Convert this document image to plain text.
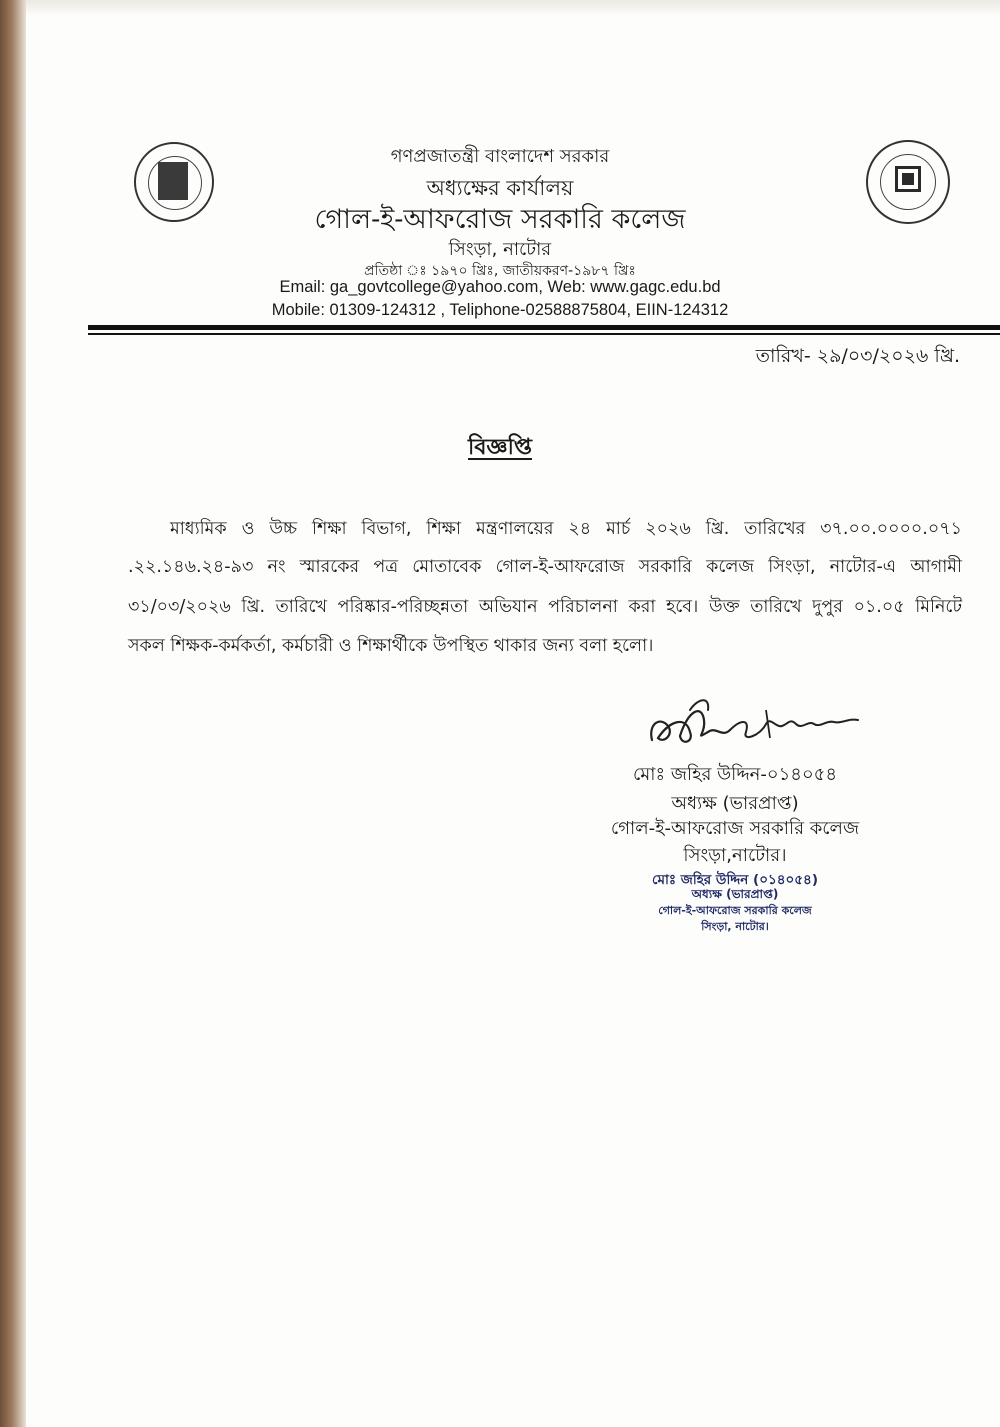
গণপ্রজাতন্ত্রী বাংলাদেশ সরকার
অধ্যক্ষের কার্যালয়
গোল-ই-আফরোজ সরকারি কলেজ
সিংড়া, নাটোর
প্রতিষ্ঠা ঃ ১৯৭০ খ্রিঃ, জাতীয়করণ-১৯৮৭ খ্রিঃ
Email: ga_govtcollege@yahoo.com, Web: www.gagc.edu.bd
Mobile: 01309-124312 , Teliphone-02588875804, EIIN-124312
তারিখ- ২৯/০৩/২০২৬ খ্রি.
বিজ্ঞপ্তি
মাধ্যমিক ও উচ্চ শিক্ষা বিভাগ, শিক্ষা মন্ত্রণালয়ের ২৪ মার্চ ২০২৬ খ্রি. তারিখের ৩৭.০০.০০০০.০৭১
.২২.১৪৬.২৪-৯৩ নং স্মারকের পত্র মোতাবেক গোল-ই-আফরোজ সরকারি কলেজ সিংড়া, নাটোর-এ আগামী
৩১/০৩/২০২৬ খ্রি. তারিখে পরিষ্কার-পরিচ্ছন্নতা অভিযান পরিচালনা করা হবে। উক্ত তারিখে দুপুর ০১.০৫ মিনিটে
সকল শিক্ষক-কর্মকর্তা, কর্মচারী ও শিক্ষার্থীকে উপস্থিত থাকার জন্য বলা হলো।
মোঃ জহির উদ্দিন-০১৪০৫৪
অধ্যক্ষ (ভারপ্রাপ্ত)
গোল-ই-আফরোজ সরকারি কলেজ
সিংড়া,নাটোর।
মোঃ জহির উদ্দিন (০১৪০৫৪)
অধ্যক্ষ (ভারপ্রাপ্ত)
গোল-ই-আফরোজ সরকারি কলেজ
সিংড়া, নাটোর।
